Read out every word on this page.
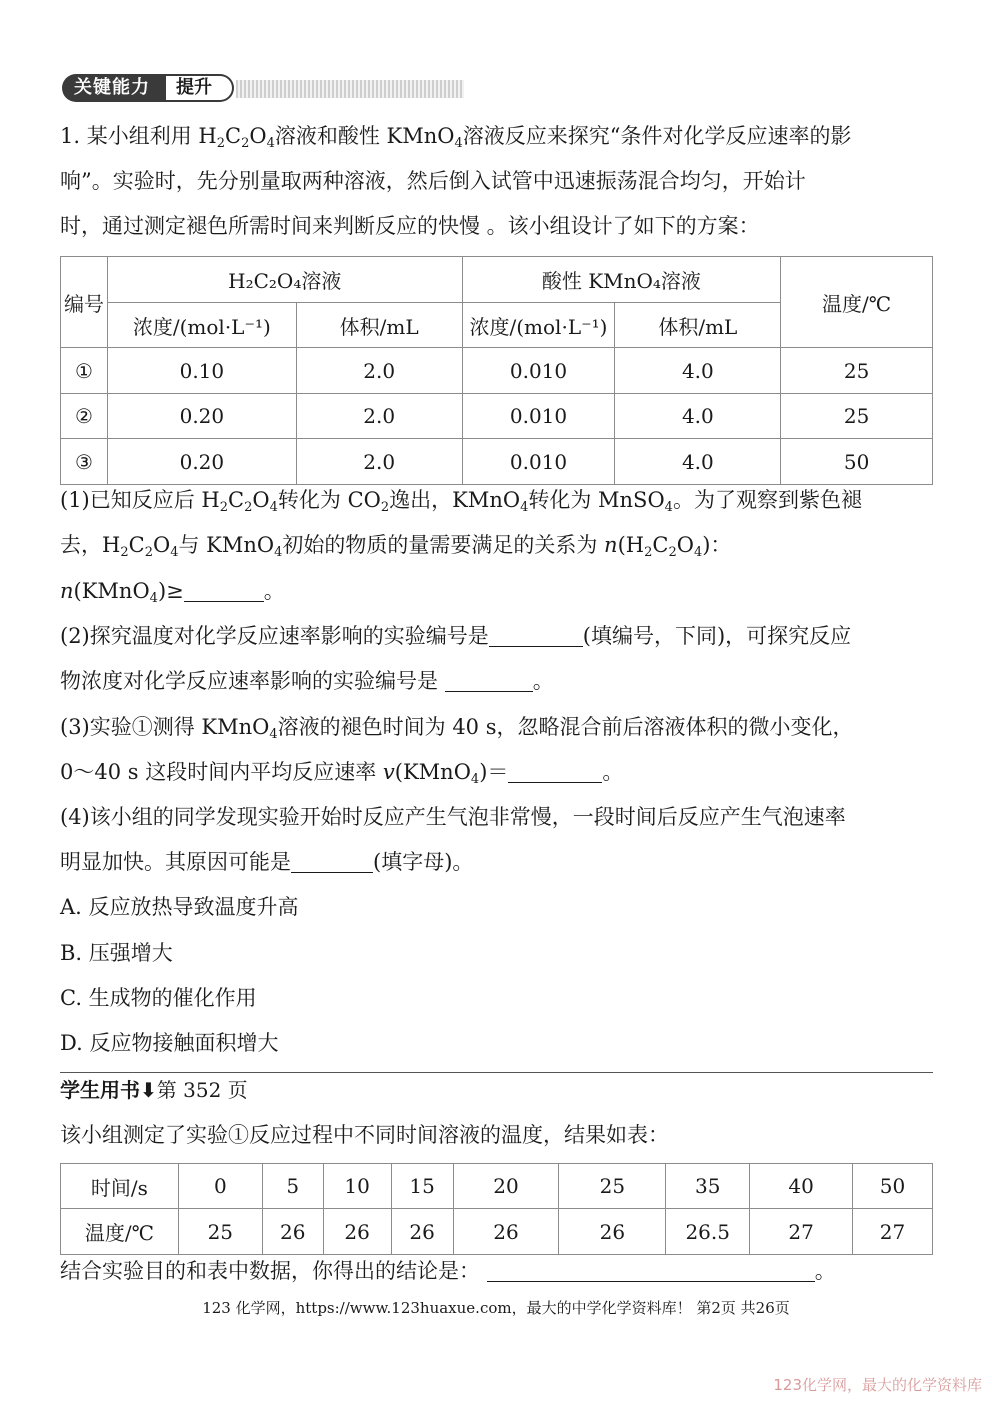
关键能力	提升
1. 某小组利用 $H_2C_2O_4$溶液和酸性 KMnO$_4$溶液反应来探究“条件对化学反应速率的影
响”。实验时，先分别量取两种溶液，然后倒入试管中迅速振荡混合均匀，开始计
时，通过测定褪色所需时间来判断反应的快慢 。该小组设计了如下的方案：
编号	H₂C₂O₄溶液		酸性 KMnO₄溶液		温度/℃
	浓度/(mol·L⁻¹)	体积/mL	浓度/(mol·L⁻¹)	体积/mL	
①	0.10	2.0	0.010	4.0	25
②	0.20	2.0	0.010	4.0	25
③	0.20	2.0	0.010	4.0	50
(1)已知反应后 $H_2C_2O_4$转化为 $CO_2$逸出，KMnO$_4$转化为 MnSO$_4$。为了观察到紫色褪
去，$H_2C_2O_4$与 KMnO$_4$初始的物质的量需要满足的关系为 $n(H_2C_2O_4)$：
n(KMnO$_4$)≥	。
(2)探究温度对化学反应速率影响的实验编号是	(填编号，下同)，可探究反应
物浓度对化学反应速率影响的实验编号是	。
(3)实验①测得 KMnO$_4$溶液的褪色时间为 40 s，忽略混合前后溶液体积的微小变化，
0～40 s 这段时间内平均反应速率 v(KMnO$_4$)＝	。
(4)该小组的同学发现实验开始时反应产生气泡非常慢，一段时间后反应产生气泡速率
明显加快。其原因可能是	(填字母)。
A. 反应放热导致温度升高
B. 压强增大
C. 生成物的催化作用
D. 反应物接触面积增大
学生用书⬇第 352 页
该小组测定了实验①反应过程中不同时间溶液的温度，结果如表：
时间/s	0	5	10	15	20	25	35	40	50
温度/℃	25	26	26	26	26	26	26.5	27	27
结合实验目的和表中数据，你得出的结论是：	。
123 化学网，https://www.123huaxue.com，最大的中学化学资料库！ 第2页 共26页
123化学网，最大的化学资料库
